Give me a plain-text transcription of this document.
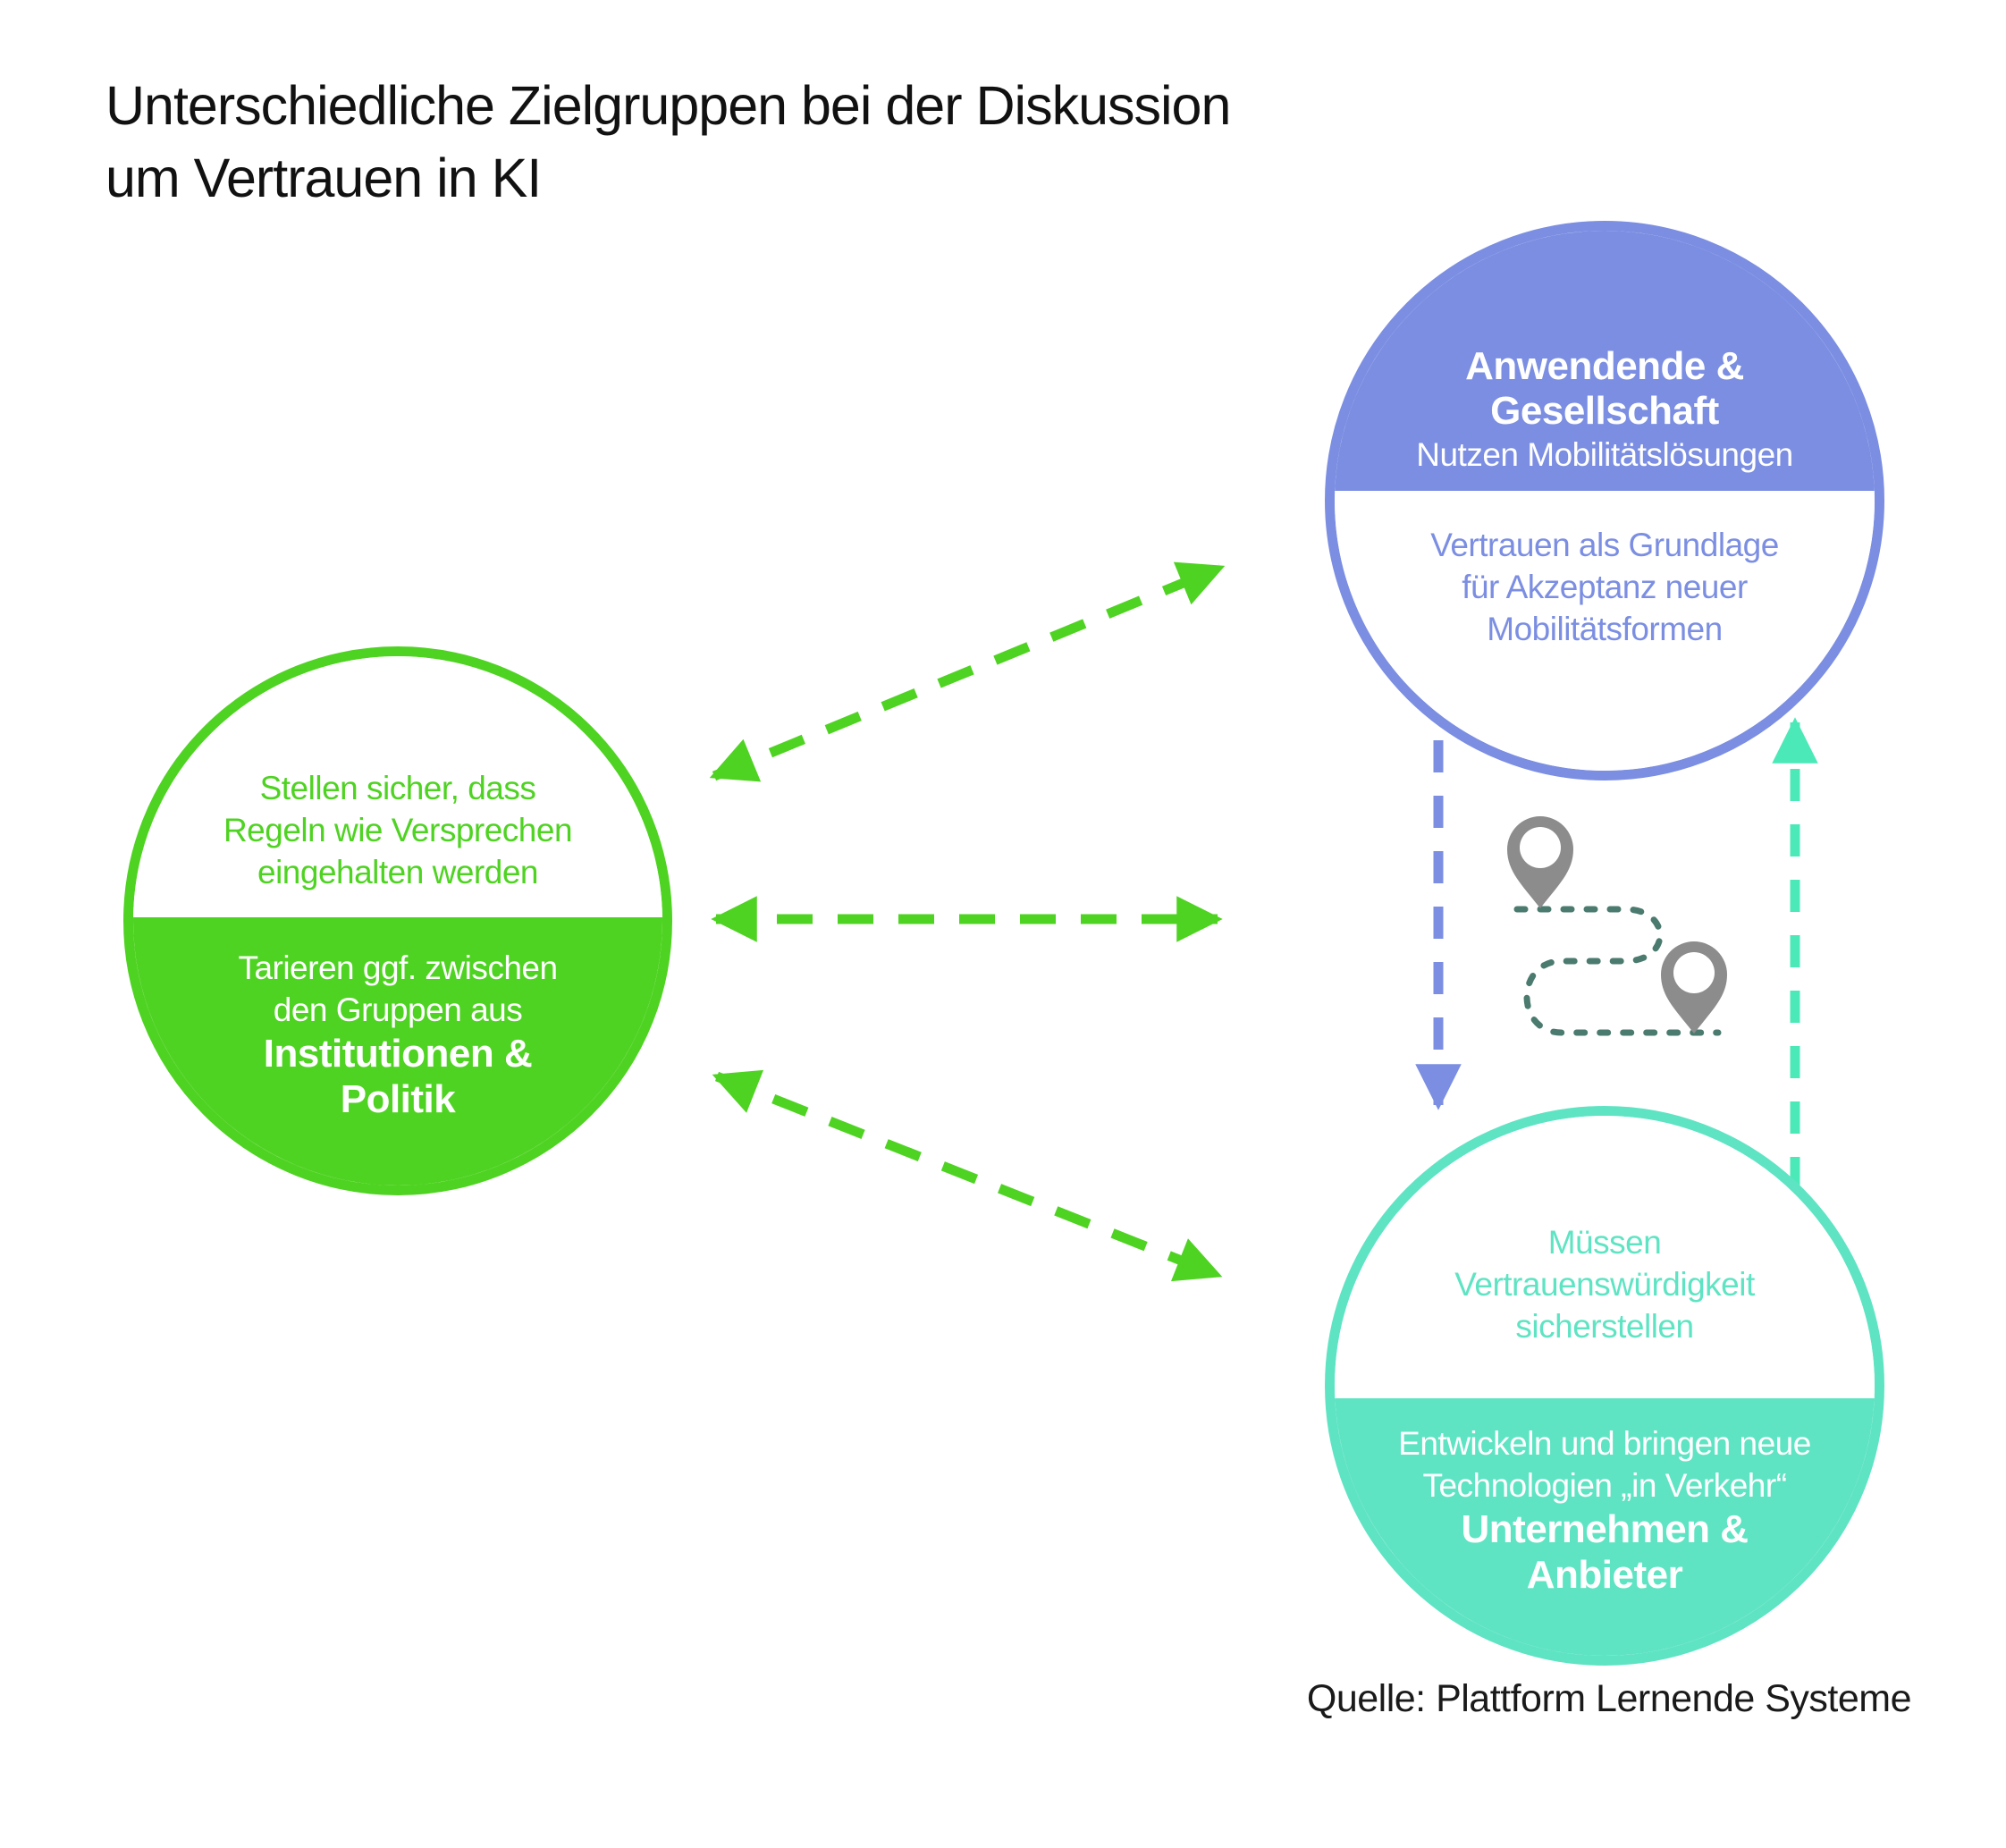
Unterschiedliche Zielgruppen bei der Diskussion
um Vertrauen in KI
Anwendende &
Gesellschaft
Nutzen Mobilitätslösungen
Vertrauen als Grundlage
für Akzeptanz neuer
Mobilitätsformen
Stellen sicher, dass
Regeln wie Versprechen
eingehalten werden
Tarieren ggf. zwischen
den Gruppen aus
Institutionen &
Politik
Müssen
Vertrauenswürdigkeit
sicherstellen
Entwickeln und bringen neue
Technologien „in Verkehr“
Unternehmen &
Anbieter
Quelle: Plattform Lernende Systeme
